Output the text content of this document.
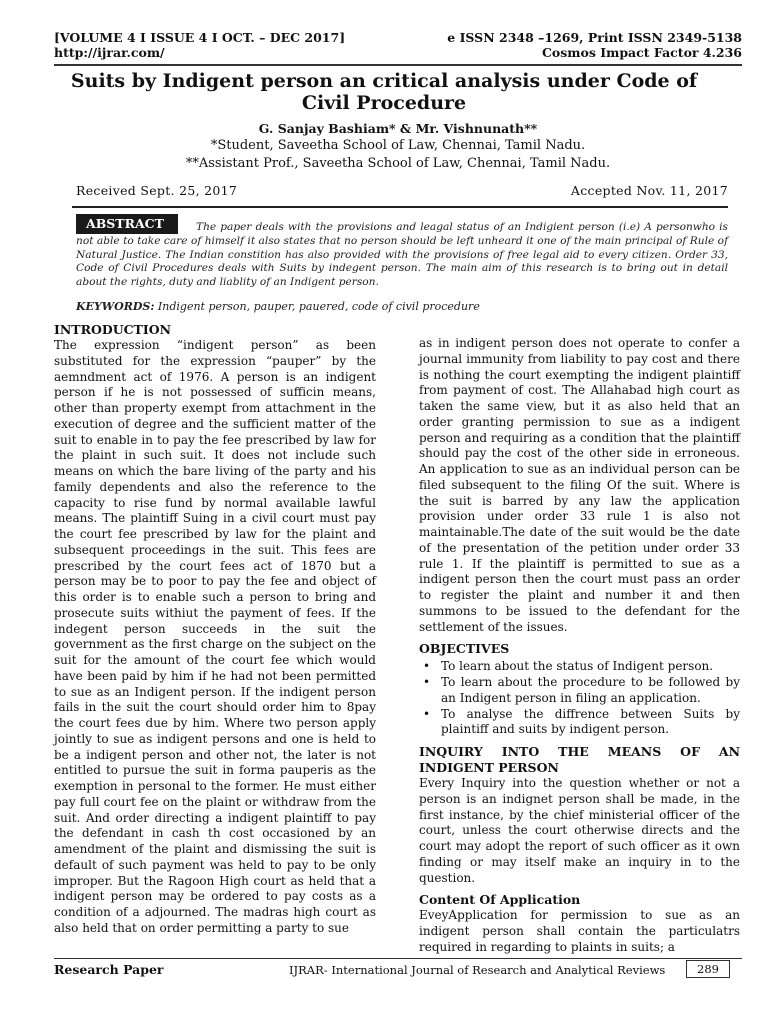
[VOLUME 4 I ISSUE 4 I OCT. – DEC 2017]
http://ijrar.com/
e ISSN 2348 –1269, Print ISSN 2349-5138
Cosmos Impact Factor 4.236
Suits by Indigent person an critical analysis under Code of
Civil Procedure
G. Sanjay Bashiam* & Mr. Vishnunath**
*Student, Saveetha School of Law, Chennai, Tamil Nadu.
**Assistant Prof., Saveetha School of Law, Chennai, Tamil Nadu.
Received Sept. 25, 2017	Accepted Nov. 11, 2017
The paper deals with the provisions and leagal status of an Indigient person (i.e) A personwho is not able to take care of himself it also states that no person should be left unheard it one of the main principal of Rule of Natural Justice. The Indian constition has also provided with the provisions of free legal aid to every citizen. Order 33, Code of Civil Procedures deals with Suits by indegent person. The main aim of this research is to bring out in detail about the rights, duty and liablity of an Indigent person.
ABSTRACT
KEYWORDS: Indigent person, pauper, pauered, code of civil procedure
INTRODUCTION

The expression “indigent person” as been substituted for the expression “pauper” by the aemndment act of 1976. A person is an indigent person if he is not possessed of sufficin means, other than property exempt from attachment in the execution of degree and the sufficient matter of the suit to enable in to pay the fee prescribed by law for the plaint in such suit. It does not include such means on which the bare living of the party and his family dependents and also the reference to the capacity to rise fund by normal available lawful means. The plaintiff Suing in a civil court must pay the court fee prescribed by law for the plaint and subsequent proceedings in the suit. This fees are prescribed by the court fees act of 1870 but a person may be to poor to pay the fee and object of this order is to enable such a person to bring and prosecute suits withiut the payment of fees. If the indegent person succeeds in the suit the government as the first charge on the subject on the suit for the amount of the court fee which would have been paid by him if he had not been permitted to sue as an Indigent person. If the indigent person fails in the suit the court should order him to 8pay the court fees due by him. Where two person apply jointly to sue as indigent persons and one is held to be a indigent person and other not, the later is not entitled to pursue the suit in forma pauperis as the exemption in personal to the former. He must either pay full court fee on the plaint or withdraw from the suit. And order directing a indigent plaintiff to pay the defendant in cash th cost occasioned by an amendment of the plaint and dismissing the suit is default of such payment was held to pay to be only improper. But the Ragoon High court as held that a indigent person may be ordered to pay costs as a condition of a adjourned. The madras high court as also held that on order permitting a party to sue

as in indigent person does not operate to confer a journal immunity from liability to pay cost and there is nothing the court exempting the indigent plaintiff from payment of cost. The Allahabad high court as taken the same view, but it as also held that an order granting permission to sue as a indigent person and requiring as a condition that the plaintiff should pay the cost of the other side in erroneous. An application to sue as an individual person can be filed subsequent to the filing Of the suit. Where is the suit is barred by any law the application provision under order 33 rule 1 is also not maintainable.The date of the suit would be the date of the presentation of the petition under order 33 rule 1. If the plaintiff is permitted to sue as a indigent person then the court must pass an order to register the plaint and number it and then summons to be issued to the defendant for the settlement of the issues.

OBJECTIVES
• To learn about the status of Indigent person.
• To learn about the procedure to be followed by an Indigent person in filing an application.
• To analyse the diffrence between Suits by plaintiff and suits by indigent person.
INQUIRY INTO THE MEANS OF AN INDIGENT PERSON

Every Inquiry into the question whether or not a person is an indignet person shall be made, in the first instance, by the chief ministerial officer of the court, unless the court otherwise directs and the court may adopt the report of such officer as it own finding or may itself make an inquiry in to the question.

Content Of Application

EveyApplication for permission to sue as an indigent person shall contain the particulatrs required in regarding to plaints in suits; a

Research Paper	IJRAR- International Journal of Research and Analytical Reviews	289
